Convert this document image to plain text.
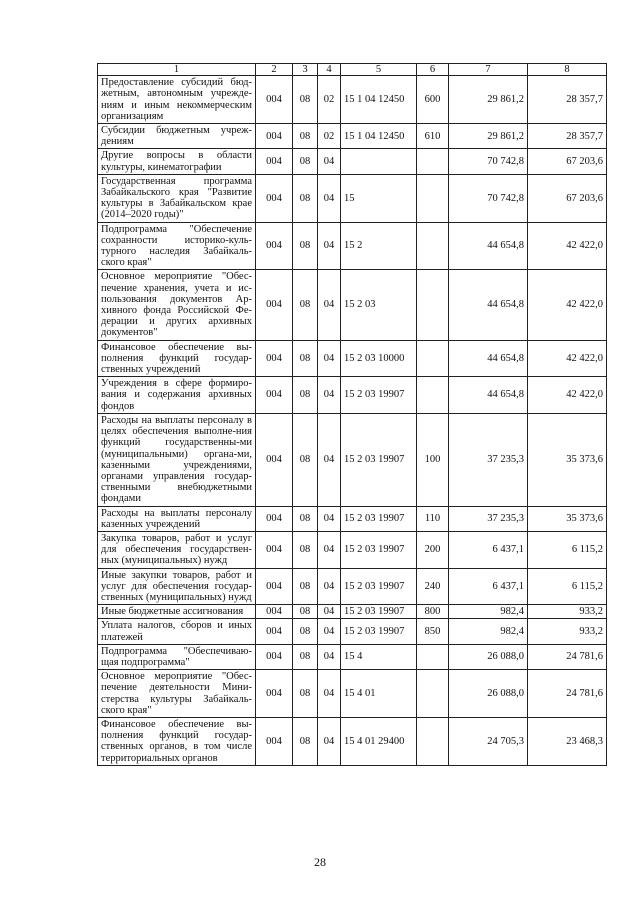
1	2	3	4	5	6	7	8
Предоставление субсидий бюд-жетным, автономным учрежде-ниям и иным некоммерческим организациям	004	08	02	15 1 04 12450	600	29 861,2	28 357,7
Субсидии бюджетным учреж-дениям	004	08	02	15 1 04 12450	610	29 861,2	28 357,7
Другие вопросы в области культуры, кинематографии	004	08	04			70 742,8	67 203,6
Государственная программа Забайкальского края "Развитие культуры в Забайкальском крае (2014–2020 годы)"	004	08	04	15		70 742,8	67 203,6
Подпрограмма "Обеспечение сохранности историко-куль-турного наследия Забайкаль-ского края"	004	08	04	15 2		44 654,8	42 422,0
Основное мероприятие "Обес-печение хранения, учета и ис-пользования документов Ар-хивного фонда Российской Фе-дерации и других архивных документов"	004	08	04	15 2 03		44 654,8	42 422,0
Финансовое обеспечение вы-полнения функций государ-ственных учреждений	004	08	04	15 2 03 10000		44 654,8	42 422,0
Учреждения в сфере формиро-вания и содержания архивных фондов	004	08	04	15 2 03 19907		44 654,8	42 422,0
Расходы на выплаты персоналу в целях обеспечения выполне-ния функций государственны-ми (муниципальными) органа-ми, казенными учреждениями, органами управления государ-ственными внебюджетными фондами	004	08	04	15 2 03 19907	100	37 235,3	35 373,6
Расходы на выплаты персоналу казенных учреждений	004	08	04	15 2 03 19907	110	37 235,3	35 373,6
Закупка товаров, работ и услуг для обеспечения государствен-ных (муниципальных) нужд	004	08	04	15 2 03 19907	200	6 437,1	6 115,2
Иные закупки товаров, работ и услуг для обеспечения государ-ственных (муниципальных) нужд	004	08	04	15 2 03 19907	240	6 437,1	6 115,2
Иные бюджетные ассигнования	004	08	04	15 2 03 19907	800	982,4	933,2
Уплата налогов, сборов и иных платежей	004	08	04	15 2 03 19907	850	982,4	933,2
Подпрограмма "Обеспечиваю-щая подпрограмма"	004	08	04	15 4		26 088,0	24 781,6
Основное мероприятие "Обес-печение деятельности Мини-стерства культуры Забайкаль-ского края"	004	08	04	15 4 01		26 088,0	24 781,6
Финансовое обеспечение вы-полнения функций государ-ственных органов, в том числе территориальных органов	004	08	04	15 4 01 29400		24 705,3	23 468,3
28
